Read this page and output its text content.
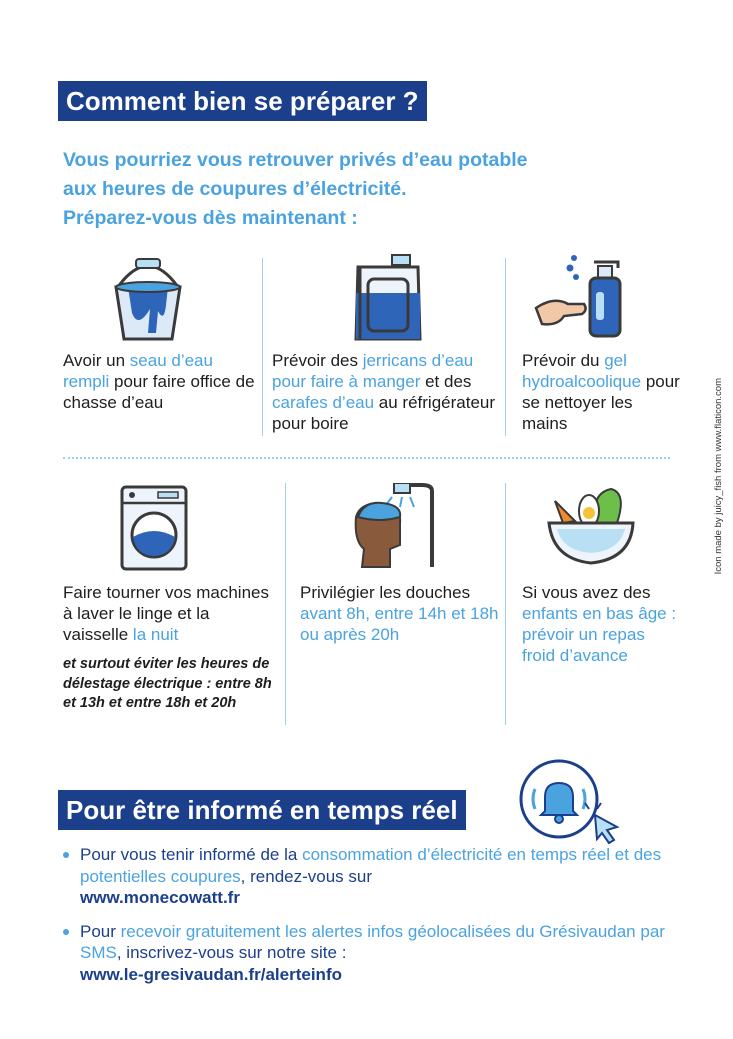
Comment bien se préparer ?
Vous pourriez vous retrouver privés d’eau potable
aux heures de coupures d’électricité.
Préparez-vous dès maintenant :
Avoir un seau d’eau rempli pour faire office de chasse d’eau
Prévoir des jerricans d’eau pour faire à manger et des carafes d’eau au réfrigérateur pour boire
Prévoir du gel hydroalcoolique pour se nettoyer les mains
Faire tourner vos machines à laver le linge et la vaisselle la nuit
et surtout éviter les heures de délestage électrique : entre 8h et 13h et entre 18h et 20h
Privilégier les douches avant 8h, entre 14h et 18h ou après 20h
Si vous avez des enfants en bas âge : prévoir un repas froid d’avance
Icon made by juicy_fish from www.flaticon.com
Pour être informé en temps réel
Pour vous tenir informé de la consommation d’électricité en temps réel et des potentielles coupures, rendez-vous sur
www.monecowatt.fr
Pour recevoir gratuitement les alertes infos géolocalisées du Grésivaudan par SMS, inscrivez-vous sur notre site :
www.le-gresivaudan.fr/alerteinfo
